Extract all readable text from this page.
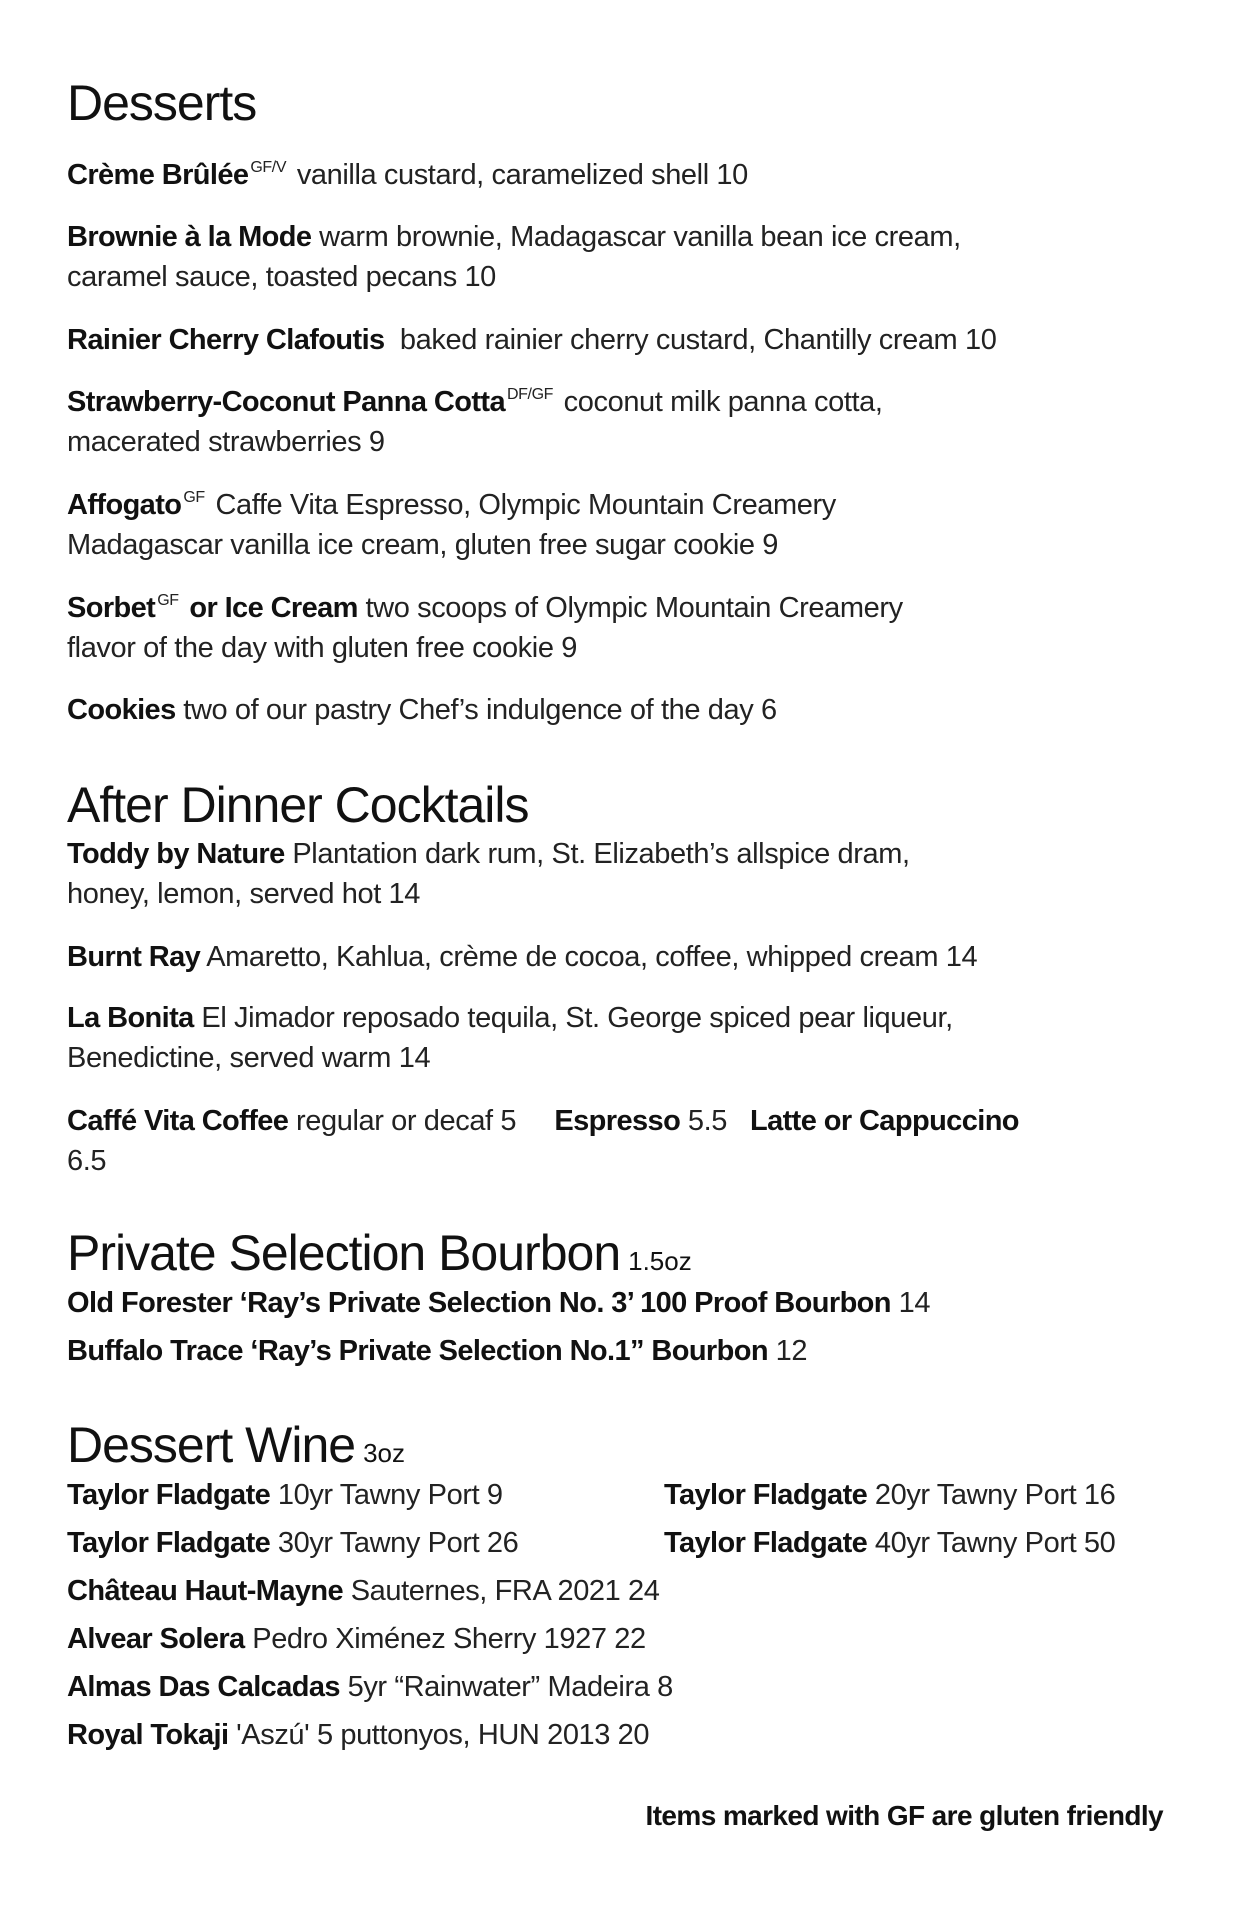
Desserts
Crème Brûlée $^{GF/V}$ vanilla custard, caramelized shell 10
Brownie à la Mode warm brownie, Madagascar vanilla bean ice cream,
caramel sauce, toasted pecans 10
Rainier Cherry Clafoutis baked rainier cherry custard, Chantilly cream 10
Strawberry-Coconut Panna Cotta $^{DF/GF}$ coconut milk panna cotta,
macerated strawberries 9
Affogato $^{GF}$ Caffe Vita Espresso, Olympic Mountain Creamery
Madagascar vanilla ice cream, gluten free sugar cookie 9
Sorbet $^{GF}$ or Ice Cream two scoops of Olympic Mountain Creamery
flavor of the day with gluten free cookie 9
Cookies two of our pastry Chef’s indulgence of the day 6
After Dinner Cocktails
Toddy by Nature Plantation dark rum, St. Elizabeth’s allspice dram,
honey, lemon, served hot 14
Burnt Ray Amaretto, Kahlua, crème de cocoa, coffee, whipped cream 14
La Bonita El Jimador reposado tequila, St. George spiced pear liqueur,
Benedictine, served warm 14
Caffé Vita Coffee regular or decaf 5 Espresso 5.5 Latte or Cappuccino
6.5
Private Selection Bourbon 1.5oz
Old Forester ‘Ray’s Private Selection No. 3’ 100 Proof Bourbon 14
Buffalo Trace ‘Ray’s Private Selection No.1” Bourbon 12
Dessert Wine 3oz
Taylor Fladgate 10yr Tawny Port 9	Taylor Fladgate 20yr Tawny Port 16
Taylor Fladgate 30yr Tawny Port 26	Taylor Fladgate 40yr Tawny Port 50
Château Haut-Mayne Sauternes, FRA 2021 24
Alvear Solera Pedro Ximénez Sherry 1927 22
Almas Das Calcadas 5yr “Rainwater” Madeira 8
Royal Tokaji 'Aszú' 5 puttonyos, HUN 2013 20
Items marked with GF are gluten friendly
